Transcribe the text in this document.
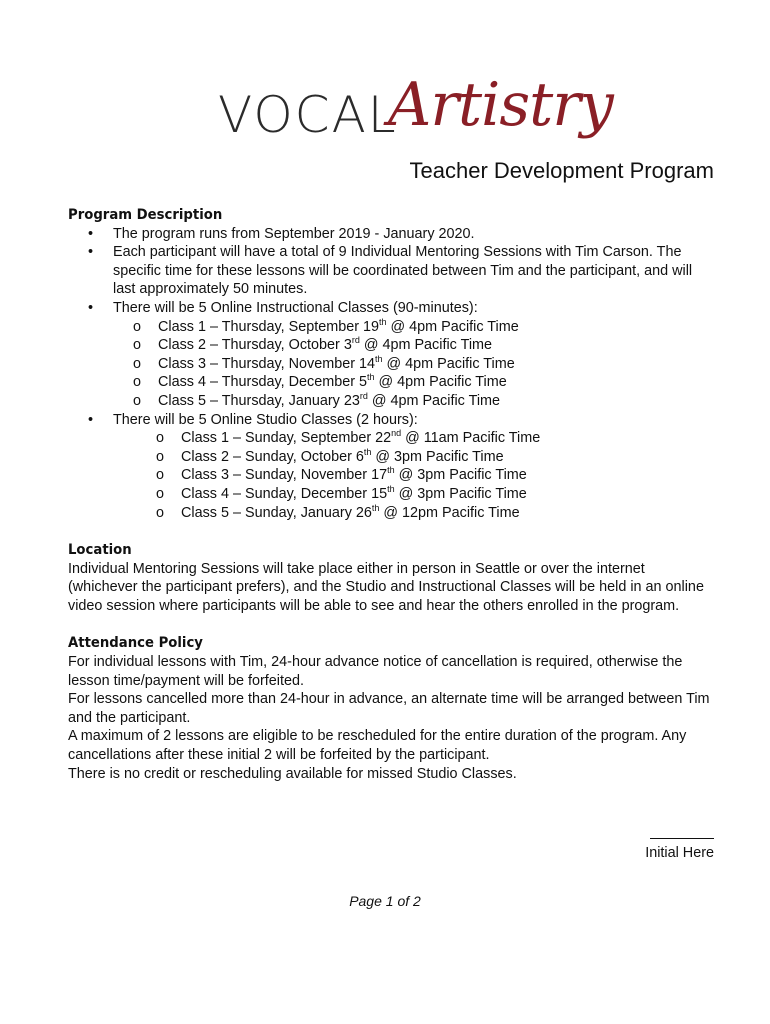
VOCAL
Artistry
Teacher Development Program
Program Description
• The program runs from September 2019 - January 2020.
• Each participant will have a total of 9 Individual Mentoring Sessions with Tim Carson. The specific time for these lessons will be coordinated between Tim and the participant, and will last approximately 50 minutes.
• There will be 5 Online Instructional Classes (90-minutes):
o Class 1 – Thursday, September 19th @ 4pm Pacific Time
o Class 2 – Thursday, October 3rd @ 4pm Pacific Time
o Class 3 – Thursday, November 14th @ 4pm Pacific Time
o Class 4 – Thursday, December 5th @ 4pm Pacific Time
o Class 5 – Thursday, January 23rd @ 4pm Pacific Time
• There will be 5 Online Studio Classes (2 hours):
o Class 1 – Sunday, September 22nd @ 11am Pacific Time
o Class 2 – Sunday, October 6th @ 3pm Pacific Time
o Class 3 – Sunday, November 17th @ 3pm Pacific Time
o Class 4 – Sunday, December 15th @ 3pm Pacific Time
o Class 5 – Sunday, January 26th @ 12pm Pacific Time
Location

Individual Mentoring Sessions will take place either in person in Seattle or over the internet (whichever the participant prefers), and the Studio and Instructional Classes will be held in an online video session where participants will be able to see and hear the others enrolled in the program.

Attendance Policy

For individual lessons with Tim, 24-hour advance notice of cancellation is required, otherwise the lesson time/payment will be forfeited.

For lessons cancelled more than 24-hour in advance, an alternate time will be arranged between Tim and the participant.

A maximum of 2 lessons are eligible to be rescheduled for the entire duration of the program. Any cancellations after these initial 2 will be forfeited by the participant.

There is no credit or rescheduling available for missed Studio Classes.

Initial Here
Page 1 of 2
